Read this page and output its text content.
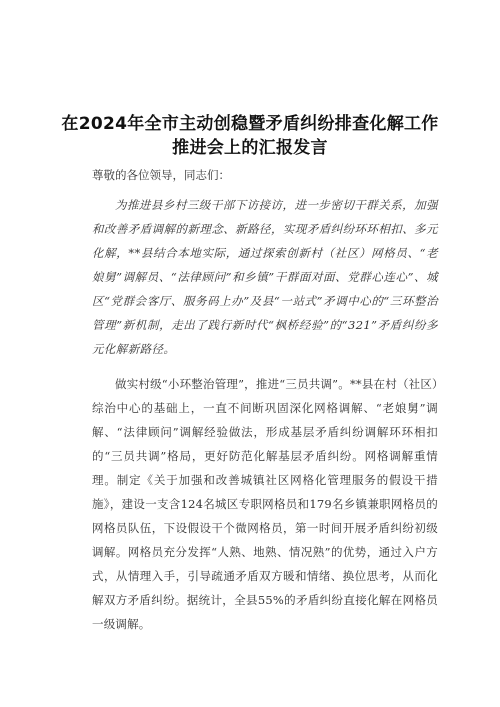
在2024年全市主动创稳暨矛盾纠纷排查化解工作推进会上的汇报发言
尊敬的各位领导，同志们：

为推进县乡村三级干部下访接访，进一步密切干群关系，加强和改善矛盾调解的新理念、新路径，实现矛盾纠纷环环相扣、多元化解，**县结合本地实际，通过探索创新村（社区）网格员、“老娘舅”调解员、“法律顾问”和乡镇”干群面对面、党群心连心”、城区“党群会客厅、服务码上办”及县“一站式”矛调中心的“三环整治管理”新机制，走出了践行新时代“枫桥经验”的“321”矛盾纠纷多元化解新路径。

做实村级“小环整治管理”，推进“三员共调”。**县在村（社区）综治中心的基础上，一直不间断巩固深化网格调解、“老娘舅”调解、“法律顾问”调解经验做法，形成基层矛盾纠纷调解环环相扣的“三员共调”格局，更好防范化解基层矛盾纠纷。网格调解重情理。制定《关于加强和改善城镇社区网格化管理服务的假设干措施》，建设一支含124名城区专职网格员和179名乡镇兼职网格员的网格员队伍，下设假设干个微网格员，第一时间开展矛盾纠纷初级调解。网格员充分发挥“人熟、地熟、情况熟”的优势，通过入户方式，从情理入手，引导疏通矛盾双方暖和情绪、换位思考，从而化解双方矛盾纠纷。据统计，全县55%的矛盾纠纷直接化解在网格员一级调解。
